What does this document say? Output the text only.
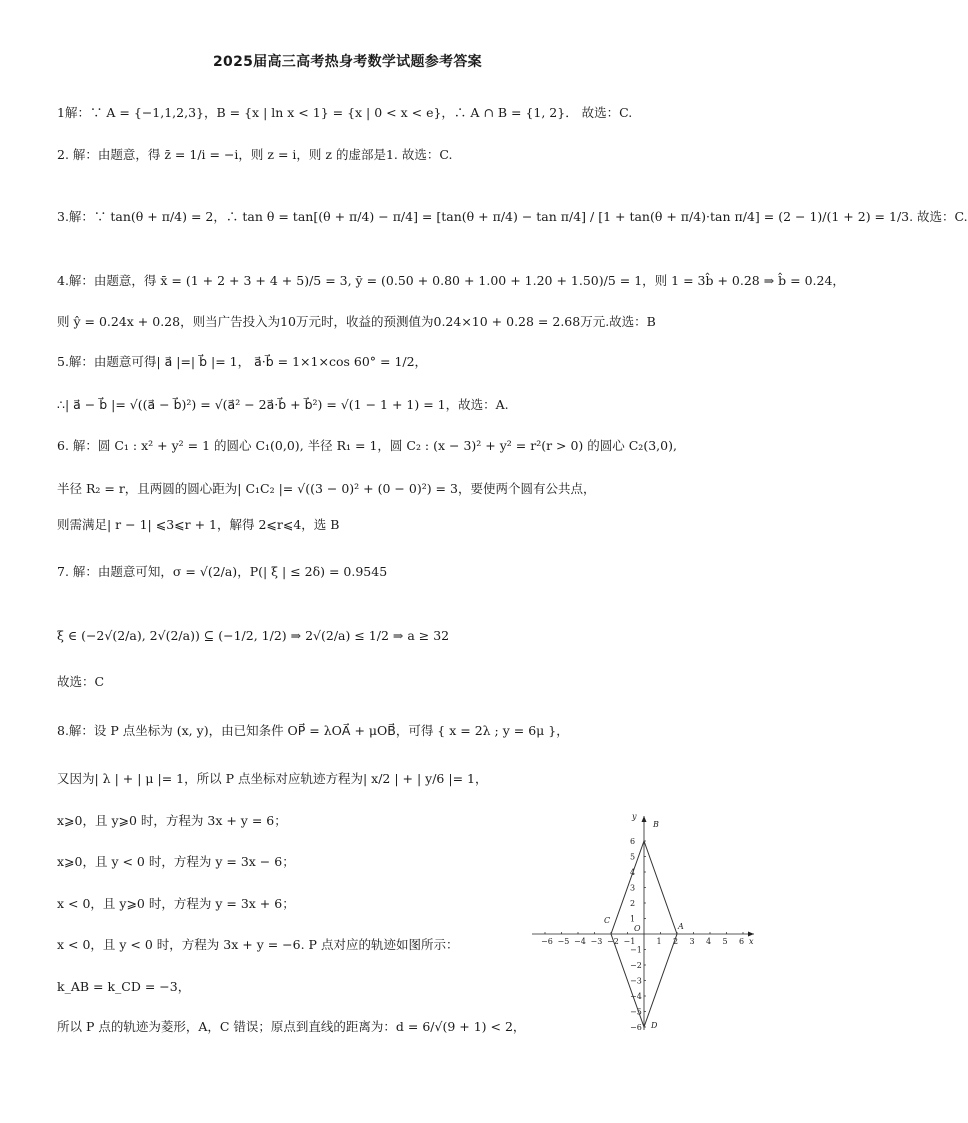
2025届高三高考热身考数学试题参考答案
1解：∵ A = {−1,1,2,3}，B = {x | ln x < 1} = {x | 0 < x < e}，∴ A ∩ B = {1, 2}． 故选：C.
2. 解：由题意，得 z̄ = 1/i = −i，则 z = i，则 z 的虚部是1. 故选：C.
3.解：∵ tan(θ + π/4) = 2，∴ tan θ = tan[(θ + π/4) − π/4] = [tan(θ + π/4) − tan π/4] / [1 + tan(θ + π/4)·tan π/4] = (2 − 1)/(1 + 2) = 1/3. 故选：C.
4.解：由题意，得 x̄ = (1 + 2 + 3 + 4 + 5)/5 = 3, ȳ = (0.50 + 0.80 + 1.00 + 1.20 + 1.50)/5 = 1，则 1 = 3b̂ + 0.28 ⇒ b̂ = 0.24，
则 ŷ = 0.24x + 0.28，则当广告投入为10万元时，收益的预测值为0.24×10 + 0.28 = 2.68万元.故选：B
5.解：由题意可得| a⃗ |=| b⃗ |= 1， a⃗·b⃗ = 1×1×cos 60° = 1/2，
∴| a⃗ − b⃗ |= √((a⃗ − b⃗)²) = √(a⃗² − 2a⃗·b⃗ + b⃗²) = √(1 − 1 + 1) = 1，故选：A.
6. 解：圆 C₁ : x² + y² = 1 的圆心 C₁(0,0), 半径 R₁ = 1，圆 C₂ : (x − 3)² + y² = r²(r > 0) 的圆心 C₂(3,0),
半径 R₂ = r，且两圆的圆心距为| C₁C₂ |= √((3 − 0)² + (0 − 0)²) = 3，要使两个圆有公共点，
则需满足| r − 1| ⩽3⩽r + 1，解得 2⩽r⩽4，选 B
7. 解：由题意可知，σ = √(2/a)，P(| ξ | ≤ 2δ) = 0.9545
ξ ∈ (−2√(2/a), 2√(2/a)) ⊆ (−1/2, 1/2) ⇒ 2√(2/a) ≤ 1/2 ⇒ a ≥ 32
故选：C
8.解：设 P 点坐标为 (x, y)，由已知条件 OP⃗ = λOA⃗ + μOB⃗，可得 { x = 2λ ; y = 6μ }，
又因为| λ | + | μ |= 1，所以 P 点坐标对应轨迹方程为| x/2 | + | y/6 |= 1，
x⩾0，且 y⩾0 时，方程为 3x + y = 6；
x⩾0，且 y < 0 时，方程为 y = 3x − 6；
x < 0，且 y⩾0 时，方程为 y = 3x + 6；
x < 0，且 y < 0 时，方程为 3x + y = −6. P 点对应的轨迹如图所示：
k_AB = k_CD = −3，
所以 P 点的轨迹为菱形，A，C 错误；原点到直线的距离为：d = 6/√(9 + 1) < 2，
−6 −5 −4 −3 −2 −1	1 2 3 4 5 6
6
5
4
3
2
1
−1
−2
−3
−4
−5
−6
x
y
O	A
B
C
D
